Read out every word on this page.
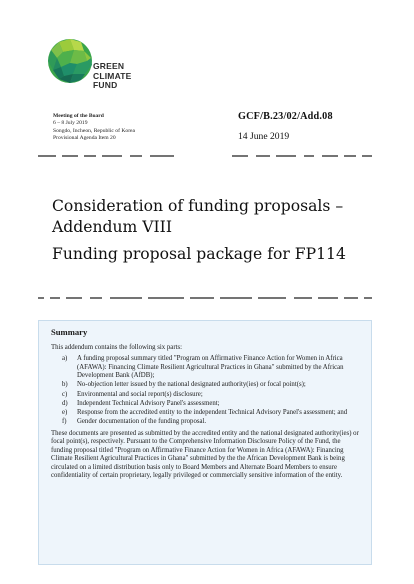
GREEN
CLIMATE
FUND
Meeting of the Board
6 – 8 July 2019
Songdo, Incheon, Republic of Korea
Provisional Agenda Item 20
GCF/B.23/02/Add.08
14 June 2019
Consideration of funding proposals – Addendum VIII
Funding proposal package for FP114
Summary

This addendum contains the following six parts:

a) A funding proposal summary titled "Program on Affirmative Finance Action for Women in Africa (AFAWA): Financing Climate Resilient Agricultural Practices in Ghana" submitted by the African Development Bank (AfDB);
b) No-objection letter issued by the national designated authority(ies) or focal point(s);
c) Environmental and social report(s) disclosure;
d) Independent Technical Advisory Panel's assessment;
e) Response from the accredited entity to the independent Technical Advisory Panel's assessment; and
f) Gender documentation of the funding proposal.

These documents are presented as submitted by the accredited entity and the national designated authority(ies) or focal point(s), respectively. Pursuant to the Comprehensive Information Disclosure Policy of the Fund, the funding proposal titled "Program on Affirmative Finance Action for Women in Africa (AFAWA): Financing Climate Resilient Agricultural Practices in Ghana" submitted by the the African Development Bank is being circulated on a limited distribution basis only to Board Members and Alternate Board Members to ensure confidentiality of certain proprietary, legally privileged or commercially sensitive information of the entity.
